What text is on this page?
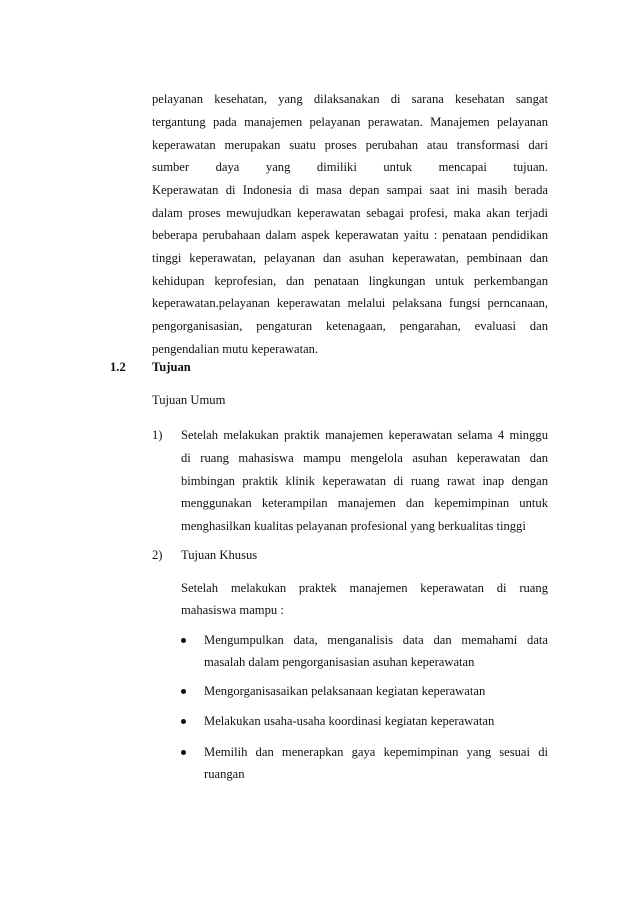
pelayanan kesehatan, yang dilaksanakan di sarana kesehatan sangat
tergantung pada manajemen pelayanan perawatan. Manajemen pelayanan
keperawatan merupakan suatu proses perubahan atau transformasi dari
sumber daya yang dimiliki untuk mencapai tujuan.
Keperawatan di Indonesia di masa depan sampai saat ini masih berada
dalam proses mewujudkan keperawatan sebagai profesi, maka akan terjadi
beberapa perubahaan dalam aspek keperawatan yaitu : penataan pendidikan
tinggi keperawatan, pelayanan dan asuhan keperawatan, pembinaan dan
kehidupan keprofesian, dan penataan lingkungan untuk perkembangan
keperawatan.pelayanan keperawatan melalui pelaksana fungsi perncanaan,
pengorganisasian, pengaturan ketenagaan, pengarahan, evaluasi dan
pengendalian mutu keperawatan.
1.2 Tujuan
Tujuan Umum
1) Setelah melakukan praktik manajemen keperawatan selama 4 minggu
di ruang mahasiswa mampu mengelola asuhan keperawatan dan
bimbingan praktik klinik keperawatan di ruang rawat inap dengan
menggunakan keterampilan manajemen dan kepemimpinan untuk
menghasilkan kualitas pelayanan profesional yang berkualitas tinggi
2) Tujuan Khusus
Setelah melakukan praktek manajemen keperawatan di ruang
mahasiswa mampu :
Mengumpulkan data, menganalisis data dan memahami data
masalah dalam pengorganisasian asuhan keperawatan
Mengorganisasaikan pelaksanaan kegiatan keperawatan
Melakukan usaha-usaha koordinasi kegiatan keperawatan
Memilih dan menerapkan gaya kepemimpinan yang sesuai di
ruangan
